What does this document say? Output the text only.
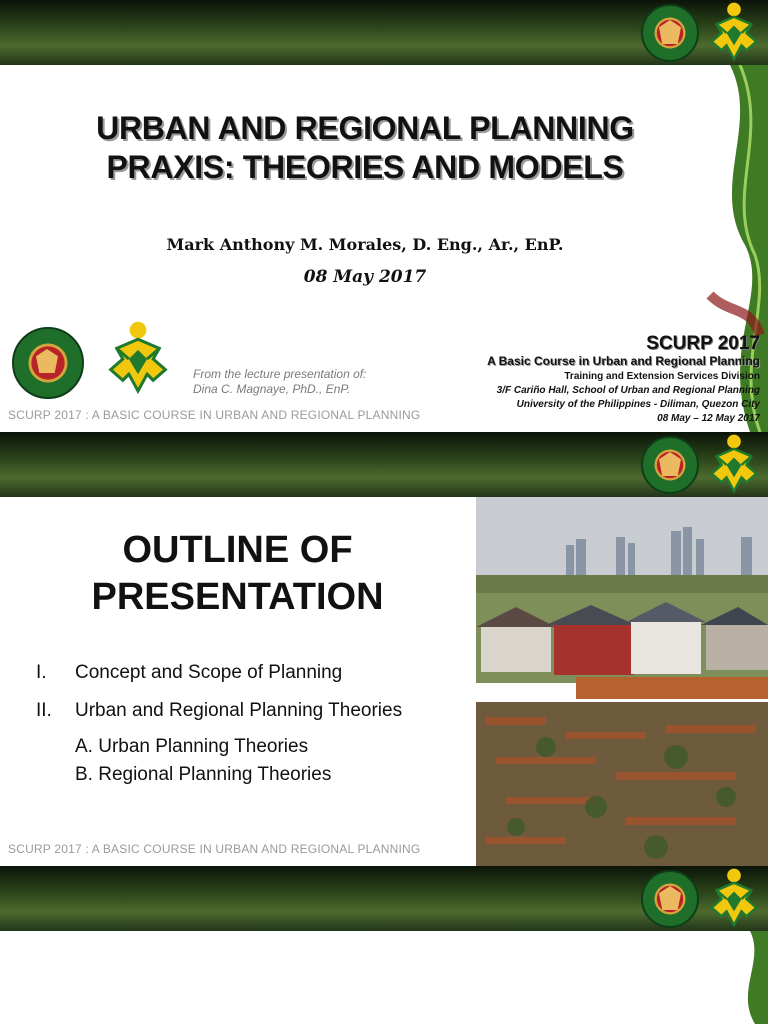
URBAN AND REGIONAL PLANNING
PRAXIS: THEORIES AND MODELS
Mark Anthony M. Morales, D. Eng., Ar., EnP.
08 May 2017
From the lecture presentation of:
Dina C. Magnaye, PhD., EnP.
SCURP 2017 : A BASIC COURSE IN URBAN AND REGIONAL PLANNING
SCURP 2017
A Basic Course in Urban and Regional Planning
Training and Extension Services Division
3/F Cariño Hall, School of Urban and Regional Planning
University of the Philippines - Diliman, Quezon City
08 May – 12 May 2017
OUTLINE OF
PRESENTATION
I. Concept and Scope of Planning
II. Urban and Regional Planning Theories
A. Urban Planning Theories
B. Regional Planning Theories
SCURP 2017 : A BASIC COURSE IN URBAN AND REGIONAL PLANNING
